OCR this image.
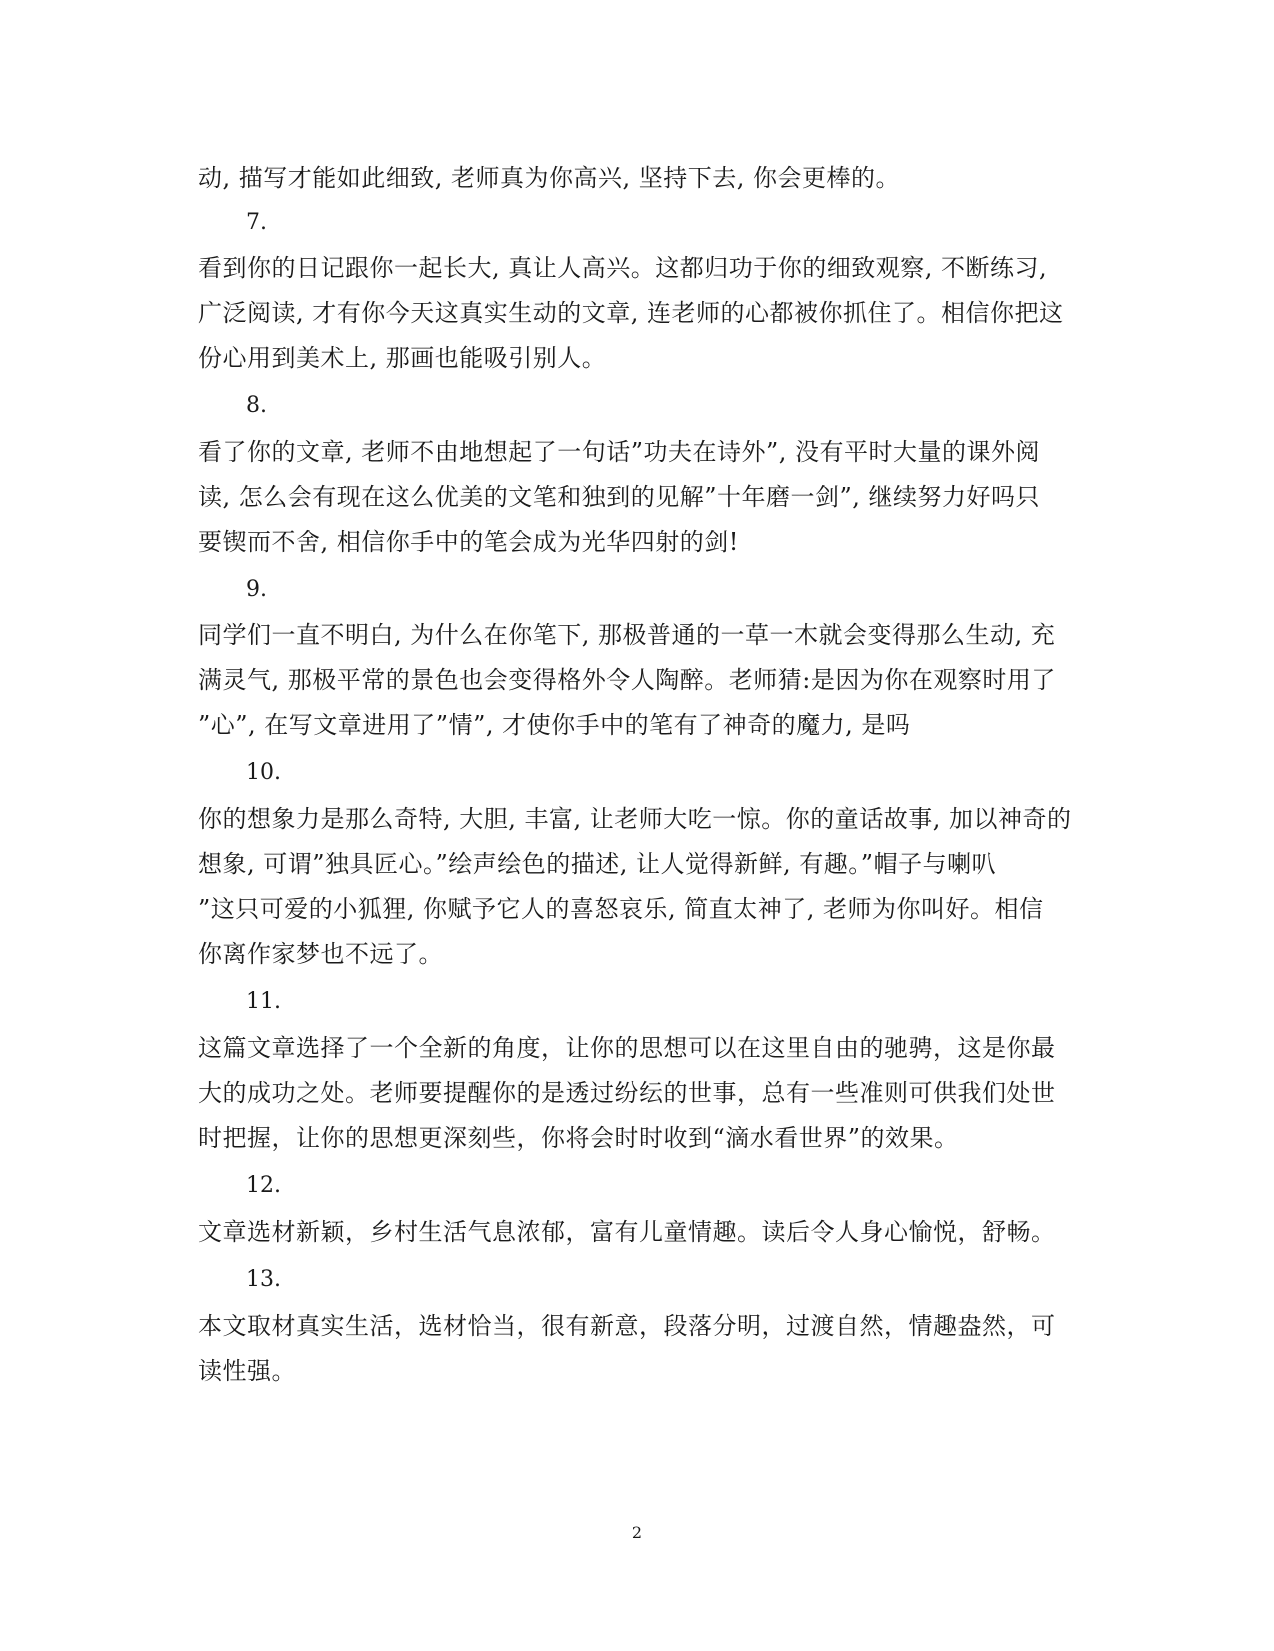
动, 描写才能如此细致, 老师真为你高兴, 坚持下去, 你会更棒的。
7.
看到你的日记跟你一起长大, 真让人高兴。这都归功于你的细致观察, 不断练习,
广泛阅读, 才有你今天这真实生动的文章, 连老师的心都被你抓住了。相信你把这
份心用到美术上, 那画也能吸引别人。
8.
看了你的文章, 老师不由地想起了一句话”功夫在诗外”, 没有平时大量的课外阅
读, 怎么会有现在这么优美的文笔和独到的见解”十年磨一剑”, 继续努力好吗只
要锲而不舍, 相信你手中的笔会成为光华四射的剑!
9.
同学们一直不明白, 为什么在你笔下, 那极普通的一草一木就会变得那么生动, 充
满灵气, 那极平常的景色也会变得格外令人陶醉。老师猜:是因为你在观察时用了
”心”, 在写文章进用了”情”, 才使你手中的笔有了神奇的魔力, 是吗
10.
你的想象力是那么奇特, 大胆, 丰富, 让老师大吃一惊。你的童话故事, 加以神奇的
想象, 可谓”独具匠心。”绘声绘色的描述, 让人觉得新鲜, 有趣。”帽子与喇叭
”这只可爱的小狐狸, 你赋予它人的喜怒哀乐, 简直太神了, 老师为你叫好。相信
你离作家梦也不远了。
11.
这篇文章选择了一个全新的角度，让你的思想可以在这里自由的驰骋，这是你最
大的成功之处。老师要提醒你的是透过纷纭的世事，总有一些准则可供我们处世
时把握，让你的思想更深刻些，你将会时时收到“滴水看世界”的效果。
12.
文章选材新颖，乡村生活气息浓郁，富有儿童情趣。读后令人身心愉悦，舒畅。
13.
本文取材真实生活，选材恰当，很有新意，段落分明，过渡自然，情趣盎然，可
读性强。
2
